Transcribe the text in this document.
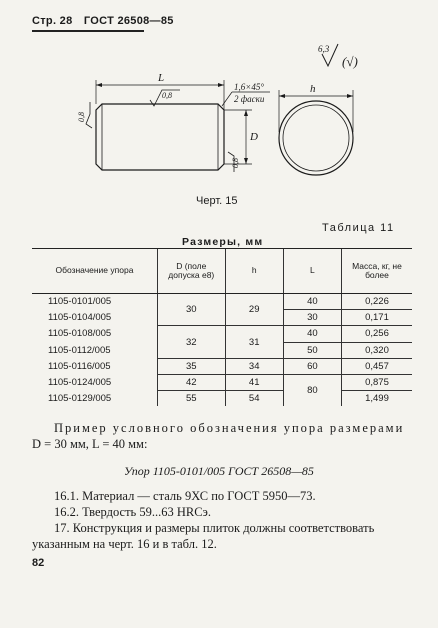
Стр. 28 ГОСТ 26508—85
L
D
h
1,6×45°
2 фаски
0,8
0,8
0,8
6,3
(√)
Черт. 15
Таблица 11
Размеры, мм
Обозначение упора	D (поле допуска е8)	h	L	Масса, кг, не более
1105-0101/005	30	29	40	0,226
1105-0104/005			30	0,171
1105-0108/005	32	31	40	0,256
1105-0112/005			50	0,320
1105-0116/005	35	34	60	0,457
1105-0124/005	42	41	80	0,875
1105-0129/005	55	54		1,499
Пример условного обозначения упора размерами
D = 30 мм, L = 40 мм:
Упор 1105-0101/005 ГОСТ 26508—85
16.1. Материал — сталь 9ХС по ГОСТ 5950—73.
16.2. Твердость 59...63 HRCэ.
17. Конструкция и размеры плиток должны соответствовать
указанным на черт. 16 и в табл. 12.
82
